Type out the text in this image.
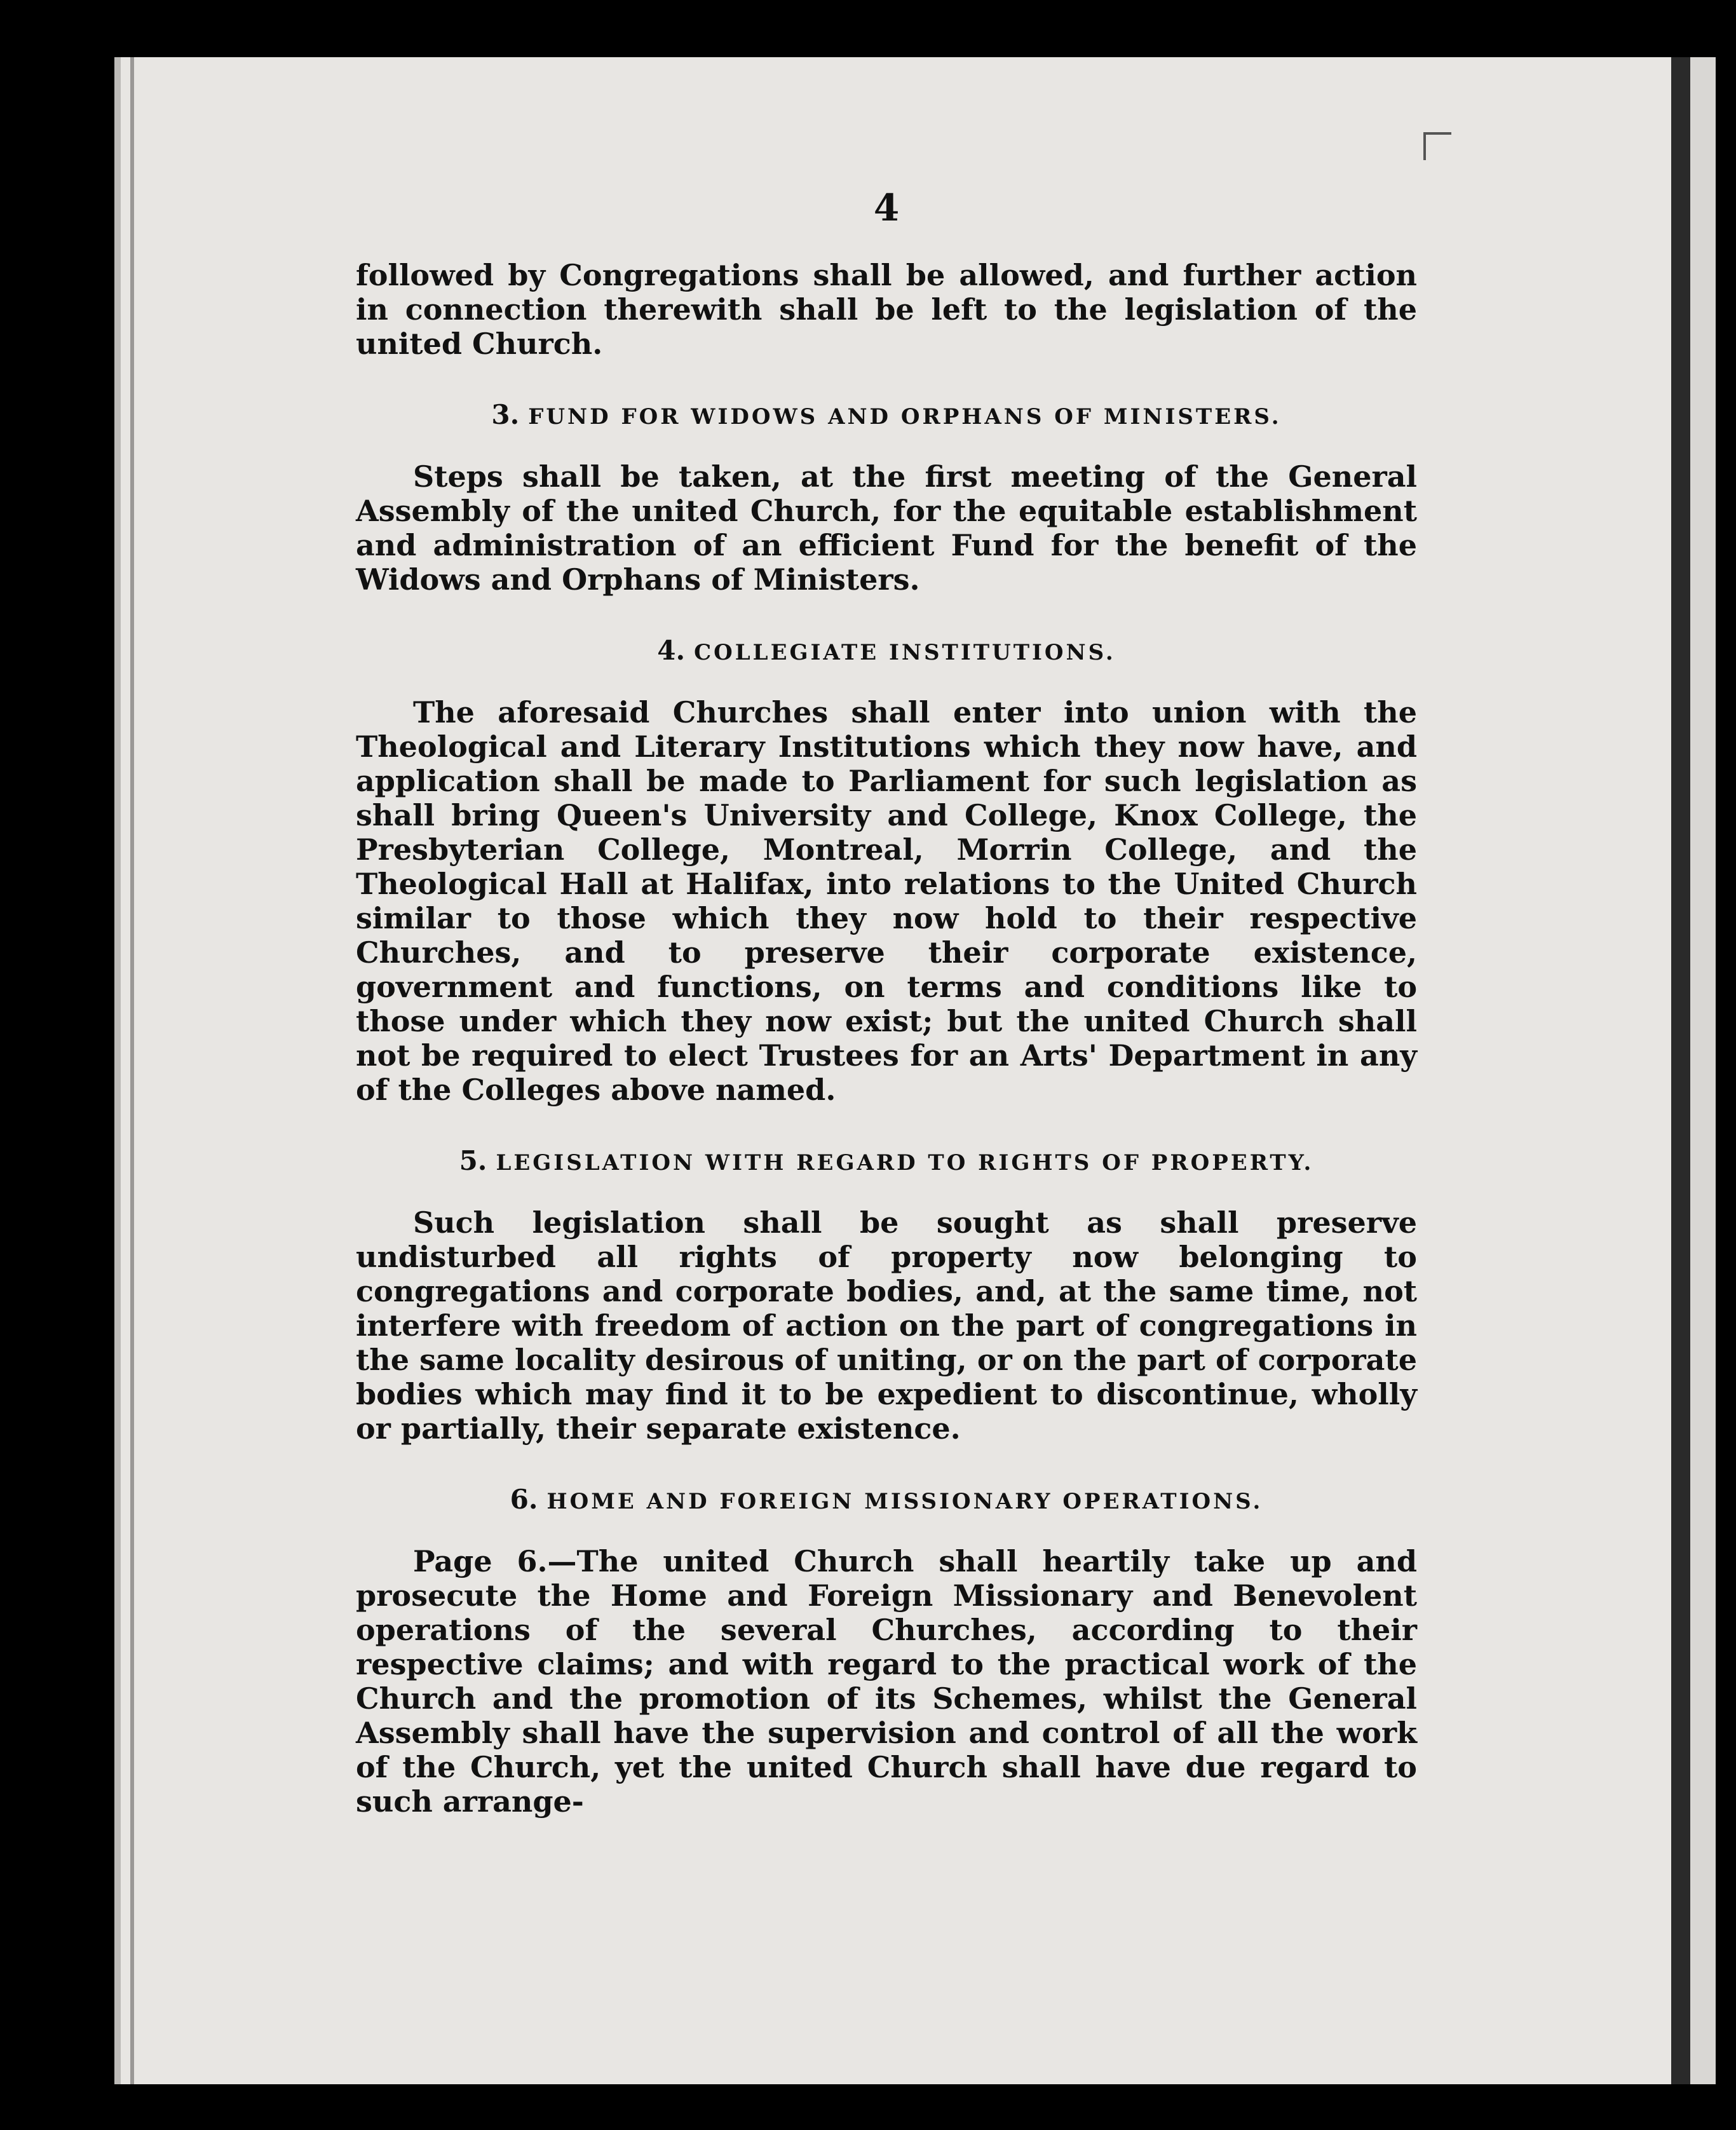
4

followed by Congregations shall be allowed, and further action in connection therewith shall be left to the legislation of the united Church.

3. FUND FOR WIDOWS AND ORPHANS OF MINISTERS.

Steps shall be taken, at the first meeting of the General Assembly of the united Church, for the equitable establishment and administration of an efficient Fund for the benefit of the Widows and Orphans of Ministers.

4. COLLEGIATE INSTITUTIONS.

The aforesaid Churches shall enter into union with the Theological and Literary Institutions which they now have, and application shall be made to Parliament for such legislation as shall bring Queen's University and College, Knox College, the Presbyterian College, Montreal, Morrin College, and the Theological Hall at Halifax, into relations to the United Church similar to those which they now hold to their respective Churches, and to preserve their corporate existence, government and functions, on terms and conditions like to those under which they now exist; but the united Church shall not be required to elect Trustees for an Arts' Department in any of the Colleges above named.

5. LEGISLATION WITH REGARD TO RIGHTS OF PROPERTY.

Such legislation shall be sought as shall preserve undisturbed all rights of property now belonging to congregations and corporate bodies, and, at the same time, not interfere with freedom of action on the part of congregations in the same locality desirous of uniting, or on the part of corporate bodies which may find it to be expedient to discontinue, wholly or partially, their separate existence.

6. HOME AND FOREIGN MISSIONARY OPERATIONS.

Page 6.—The united Church shall heartily take up and prosecute the Home and Foreign Missionary and Benevolent operations of the several Churches, according to their respective claims; and with regard to the practical work of the Church and the promotion of its Schemes, whilst the General Assembly shall have the supervision and control of all the work of the Church, yet the united Church shall have due regard to such arrange-
